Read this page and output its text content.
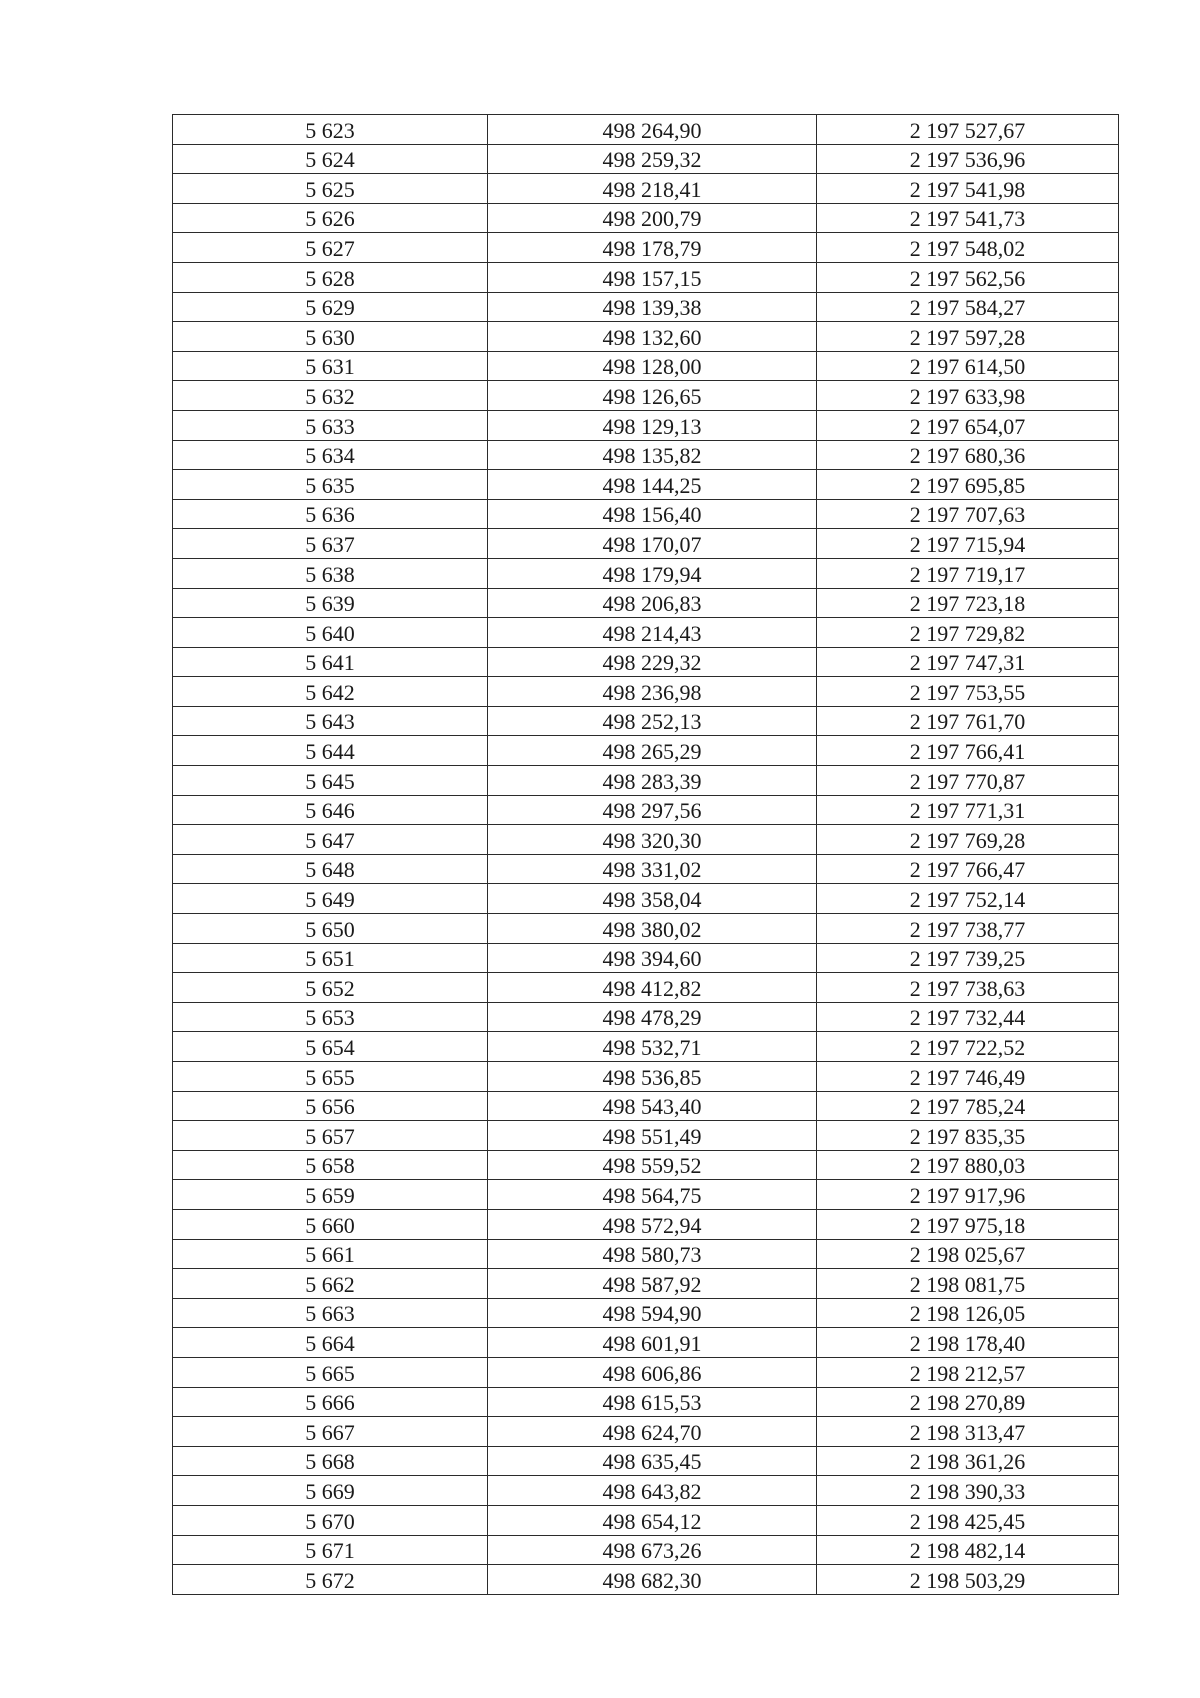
5 623	498 264,90	2 197 527,67
5 624	498 259,32	2 197 536,96
5 625	498 218,41	2 197 541,98
5 626	498 200,79	2 197 541,73
5 627	498 178,79	2 197 548,02
5 628	498 157,15	2 197 562,56
5 629	498 139,38	2 197 584,27
5 630	498 132,60	2 197 597,28
5 631	498 128,00	2 197 614,50
5 632	498 126,65	2 197 633,98
5 633	498 129,13	2 197 654,07
5 634	498 135,82	2 197 680,36
5 635	498 144,25	2 197 695,85
5 636	498 156,40	2 197 707,63
5 637	498 170,07	2 197 715,94
5 638	498 179,94	2 197 719,17
5 639	498 206,83	2 197 723,18
5 640	498 214,43	2 197 729,82
5 641	498 229,32	2 197 747,31
5 642	498 236,98	2 197 753,55
5 643	498 252,13	2 197 761,70
5 644	498 265,29	2 197 766,41
5 645	498 283,39	2 197 770,87
5 646	498 297,56	2 197 771,31
5 647	498 320,30	2 197 769,28
5 648	498 331,02	2 197 766,47
5 649	498 358,04	2 197 752,14
5 650	498 380,02	2 197 738,77
5 651	498 394,60	2 197 739,25
5 652	498 412,82	2 197 738,63
5 653	498 478,29	2 197 732,44
5 654	498 532,71	2 197 722,52
5 655	498 536,85	2 197 746,49
5 656	498 543,40	2 197 785,24
5 657	498 551,49	2 197 835,35
5 658	498 559,52	2 197 880,03
5 659	498 564,75	2 197 917,96
5 660	498 572,94	2 197 975,18
5 661	498 580,73	2 198 025,67
5 662	498 587,92	2 198 081,75
5 663	498 594,90	2 198 126,05
5 664	498 601,91	2 198 178,40
5 665	498 606,86	2 198 212,57
5 666	498 615,53	2 198 270,89
5 667	498 624,70	2 198 313,47
5 668	498 635,45	2 198 361,26
5 669	498 643,82	2 198 390,33
5 670	498 654,12	2 198 425,45
5 671	498 673,26	2 198 482,14
5 672	498 682,30	2 198 503,29
